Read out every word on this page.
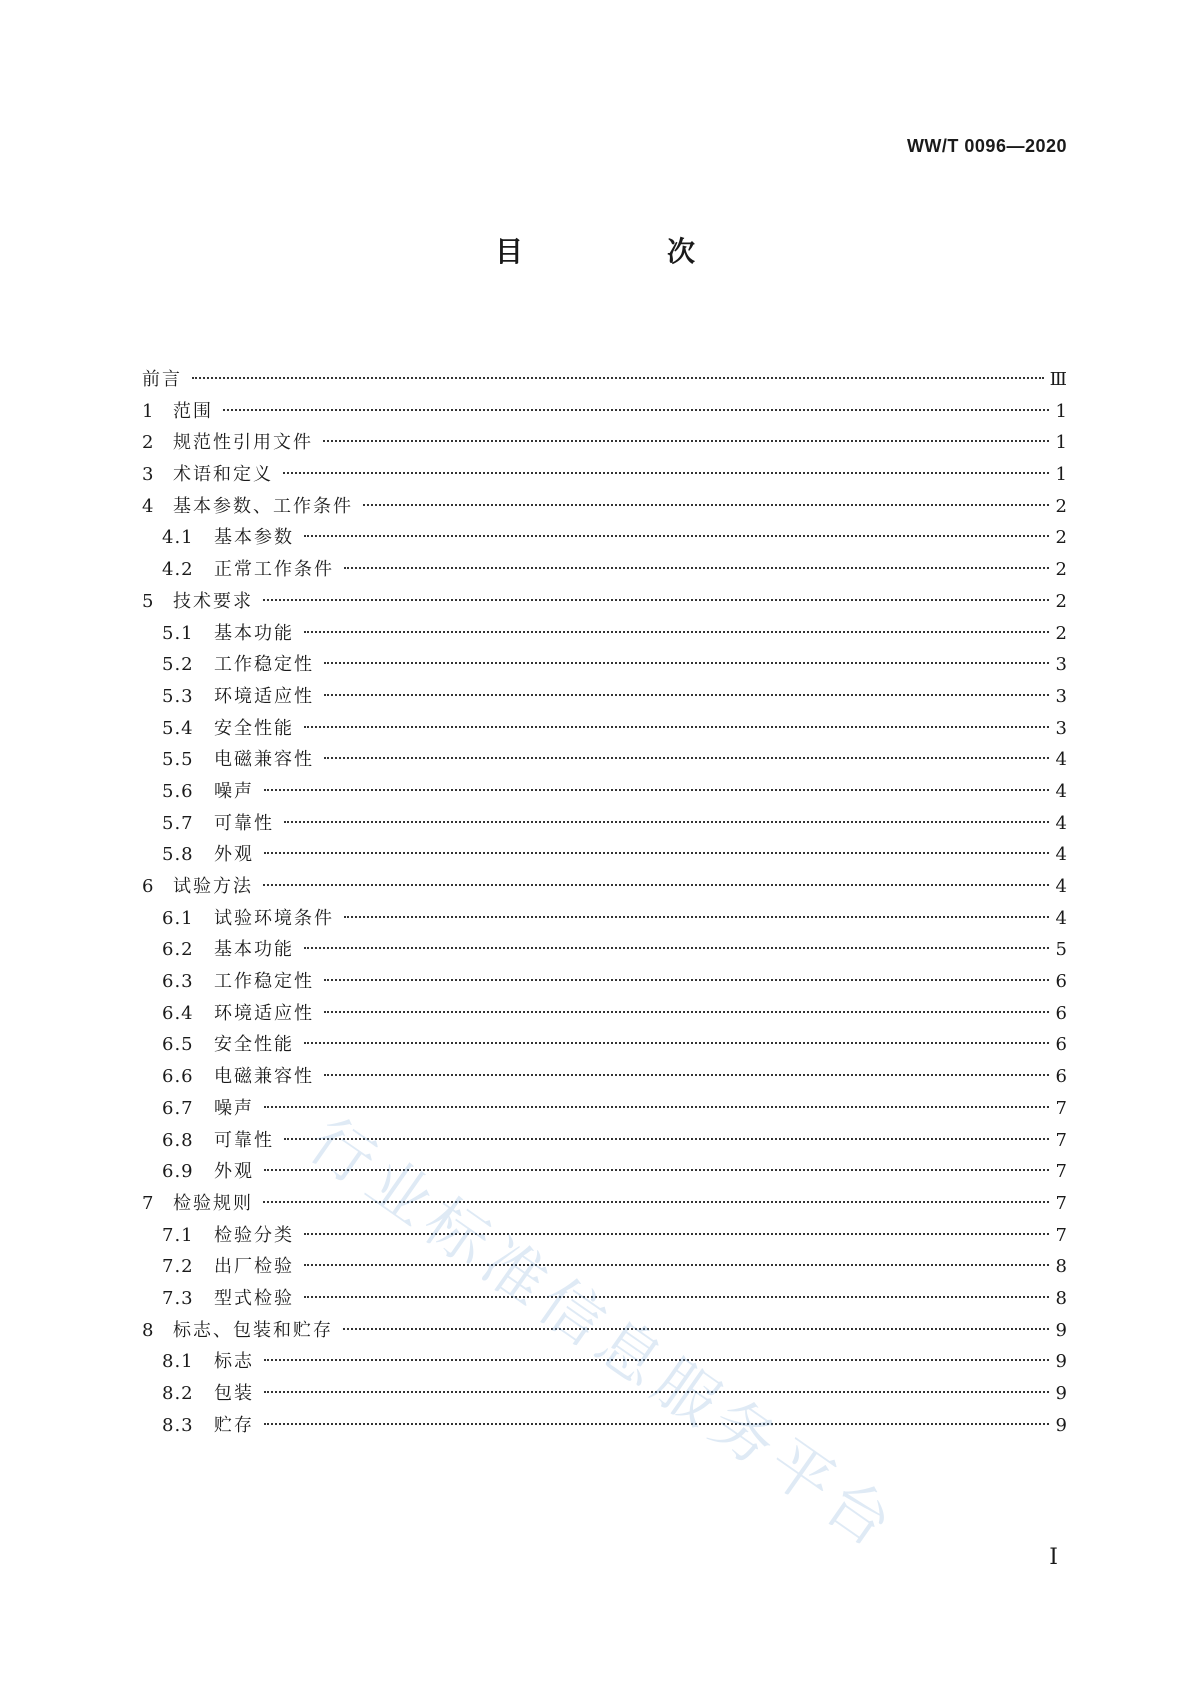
WW/T 0096—2020
目　次
前言	Ⅲ
1	范围	1
2	规范性引用文件	1
3	术语和定义	1
4	基本参数、工作条件	2
4.1	基本参数	2
4.2	正常工作条件	2
5	技术要求	2
5.1	基本功能	2
5.2	工作稳定性	3
5.3	环境适应性	3
5.4	安全性能	3
5.5	电磁兼容性	4
5.6	噪声	4
5.7	可靠性	4
5.8	外观	4
6	试验方法	4
6.1	试验环境条件	4
6.2	基本功能	5
6.3	工作稳定性	6
6.4	环境适应性	6
6.5	安全性能	6
6.6	电磁兼容性	6
6.7	噪声	7
6.8	可靠性	7
6.9	外观	7
7	检验规则	7
7.1	检验分类	7
7.2	出厂检验	8
7.3	型式检验	8
8	标志、包装和贮存	9
8.1	标志	9
8.2	包装	9
8.3	贮存	9
行业标准信息服务平台	Ⅰ
